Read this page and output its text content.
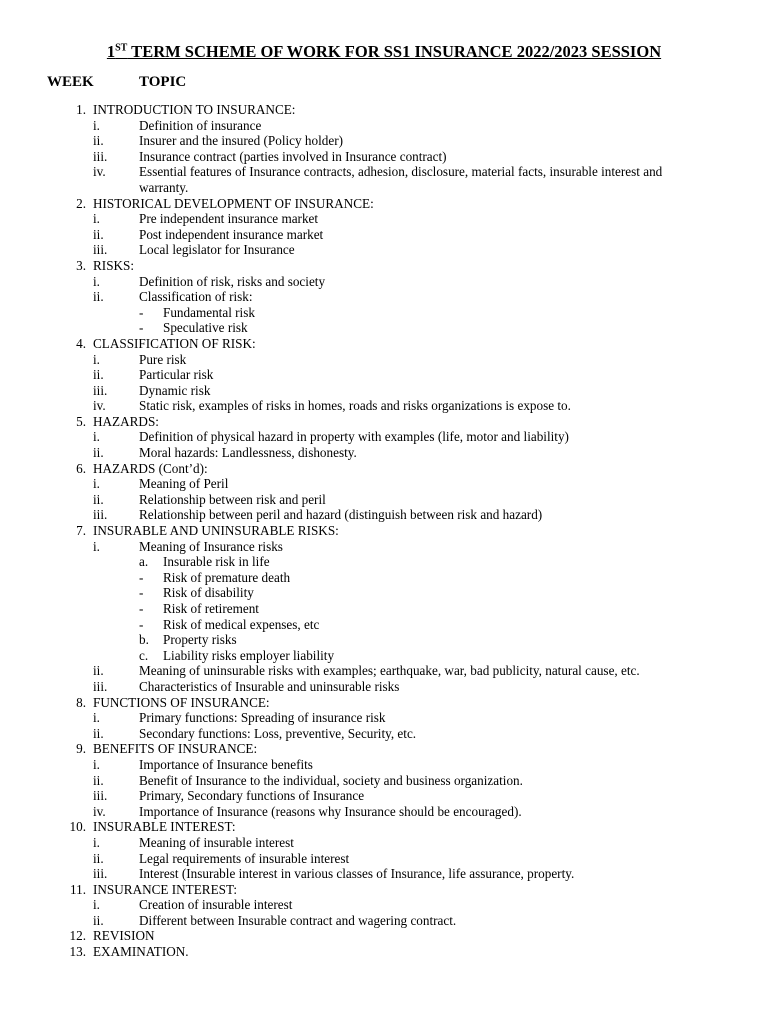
1ST TERM SCHEME OF WORK FOR SS1 INSURANCE 2022/2023 SESSION
WEEK	TOPIC
1. INTRODUCTION TO INSURANCE:
i.	Definition of insurance
ii.	Insurer and the insured (Policy holder)
iii. Insurance contract (parties involved in Insurance contract)
iv.	Essential features of Insurance contracts, adhesion, disclosure, material facts, insurable interest and warranty.
2. HISTORICAL DEVELOPMENT OF INSURANCE:
i.	Pre independent insurance market
ii.	Post independent insurance market
iii. Local legislator for Insurance
3. RISKS:
i.	Definition of risk, risks and society
ii.	Classification of risk:
- Fundamental risk
- Speculative risk
4. CLASSIFICATION OF RISK:
i.	Pure risk
ii.	Particular risk
iii. Dynamic risk
iv.	Static risk, examples of risks in homes, roads and risks organizations is expose to.
5. HAZARDS:
i.	Definition of physical hazard in property with examples (life, motor and liability)
ii.	Moral hazards: Landlessness, dishonesty.
6. HAZARDS (Cont’d):
i.	Meaning of Peril
ii.	Relationship between risk and peril
iii. Relationship between peril and hazard (distinguish between risk and hazard)
7. INSURABLE AND UNINSURABLE RISKS:
i.	Meaning of Insurance risks
a. Insurable risk in life
- Risk of premature death
- Risk of disability
- Risk of retirement
- Risk of medical expenses, etc
b. Property risks
c. Liability risks employer liability
ii.	Meaning of uninsurable risks with examples; earthquake, war, bad publicity, natural cause, etc.
iii. Characteristics of Insurable and uninsurable risks
8. FUNCTIONS OF INSURANCE:
i.	Primary functions: Spreading of insurance risk
ii.	Secondary functions: Loss, preventive, Security, etc.
9. BENEFITS OF INSURANCE:
i.	Importance of Insurance benefits
ii.	Benefit of Insurance to the individual, society and business organization.
iii. Primary, Secondary functions of Insurance
iv.	Importance of Insurance (reasons why Insurance should be encouraged).
10. INSURABLE INTEREST:
i.	Meaning of insurable interest
ii.	Legal requirements of insurable interest
iii. Interest (Insurable interest in various classes of Insurance, life assurance, property.
11. INSURANCE INTEREST:
i.	Creation of insurable interest
ii.	Different between Insurable contract and wagering contract.
12. REVISION
13. EXAMINATION.
